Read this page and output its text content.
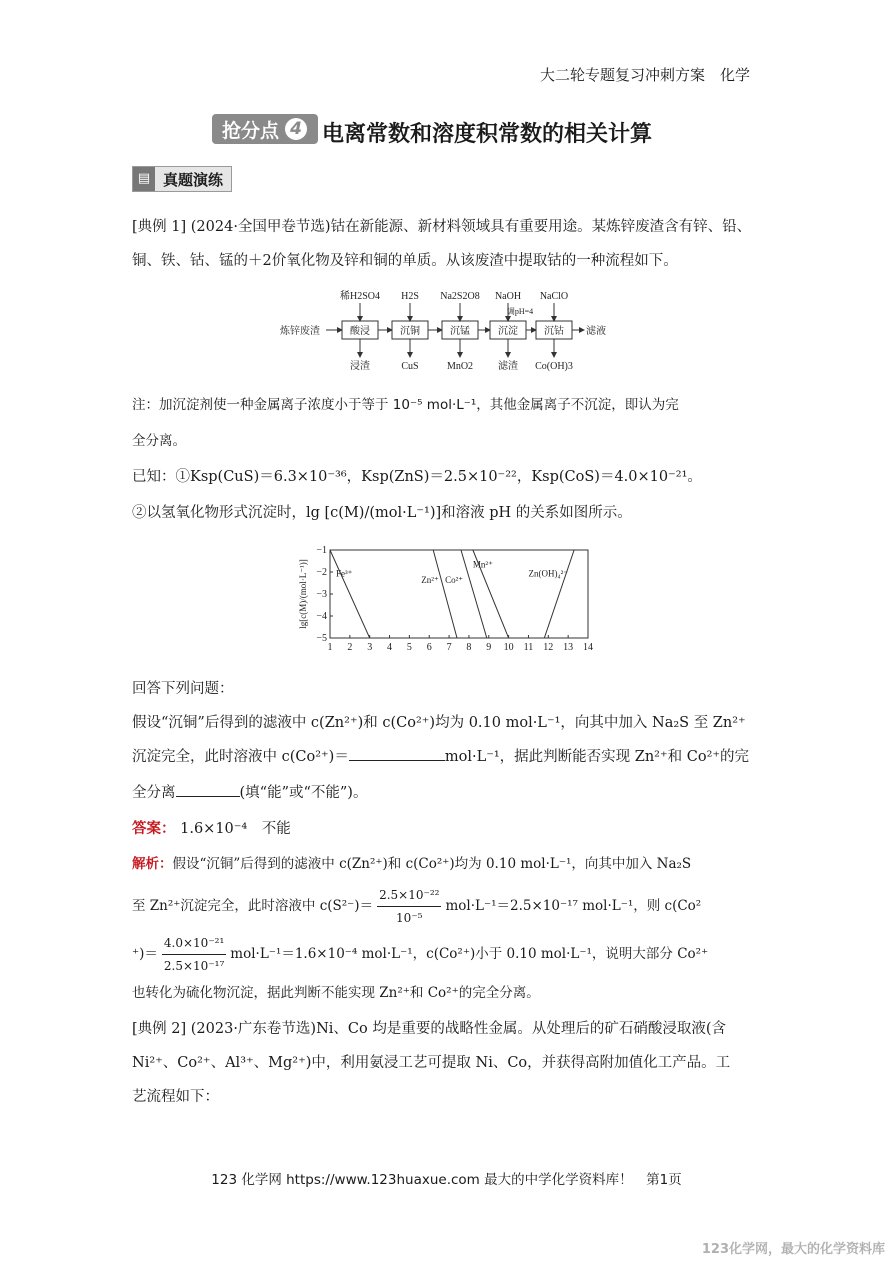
大二轮专题复习冲刺方案　化学
抢分点 4 电离常数和溶度积常数的相关计算
▤ 真题演练
[典例 1] (2024·全国甲卷节选)钴在新能源、新材料领域具有重要用途。某炼锌废渣含有锌、铅、铜、铁、钴、锰的＋2价氧化物及锌和铜的单质。从该废渣中提取钴的一种流程如下。
炼锌废渣	酸浸
稀H2SO4
浸渣
沉铜
H2S
CuS
沉锰
Na2S2O8
MnO2
沉淀
NaOH
滤渣
沉钴
NaClO
Co(OH)3
调pH=4
滤液
注：加沉淀剂使一种金属离子浓度小于等于 10⁻⁵ mol·L⁻¹，其他金属离子不沉淀，即认为完
全分离。
已知：①Ksp(CuS)＝6.3×10⁻³⁶，Ksp(ZnS)＝2.5×10⁻²²，Ksp(CoS)＝4.0×10⁻²¹。
②以氢氧化物形式沉淀时，lg [c(M)/(mol·L⁻¹)]和溶液 pH 的关系如图所示。
1 2 3 4 5 6 7 8 9 10 11 12 13 14
−1
−2
−3
−4
−5
lg[c(M)/(mol·L⁻¹)]	Fe³⁺
Zn²⁺ Co²⁺
Mn²⁺
Zn(OH)₄²⁻
回答下列问题：
假设“沉铜”后得到的滤液中 c(Zn²⁺)和 c(Co²⁺)均为 0.10 mol·L⁻¹，向其中加入 Na₂S 至 Zn²⁺
沉淀完全，此时溶液中 c(Co²⁺)＝	mol·L⁻¹，据此判断能否实现 Zn²⁺和 Co²⁺的完
全分离	(填“能”或“不能”)。
答案： 1.6×10⁻⁴　不能
解析：假设“沉铜”后得到的滤液中 c(Zn²⁺)和 c(Co²⁺)均为 0.10 mol·L⁻¹，向其中加入 Na₂S
至 Zn²⁺沉淀完全，此时溶液中 $c(S^{2-})= \frac{\text{2.5×10⁻²²}}{\text{10⁻⁵}} mol\cdot L^{-1}=2.5\times 10^{-17}$ mol·L⁻¹，则 c(Co²
⁺)＝ $\frac{\text{4.0×10⁻²¹}}{\text{2.5×10⁻¹⁷}} mol\cdot L^{-1}=1.6\times 10^{-4}$ mol·L⁻¹，c(Co²⁺)小于 0.10 mol·L⁻¹，说明大部分 Co²⁺
也转化为硫化物沉淀，据此判断不能实现 Zn²⁺和 Co²⁺的完全分离。
[典例 2] (2023·广东卷节选)Ni、Co 均是重要的战略性金属。从处理后的矿石硝酸浸取液(含
Ni²⁺、Co²⁺、Al³⁺、Mg²⁺)中，利用氨浸工艺可提取 Ni、Co，并获得高附加值化工产品。工
艺流程如下：
123 化学网 https://www.123huaxue.com 最大的中学化学资料库！　第1页
123化学网，最大的化学资料库
